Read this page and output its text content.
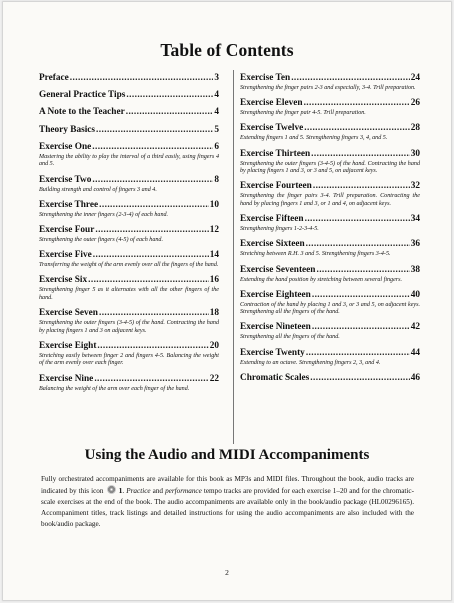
Table of Contents
Preface .....	3
General Practice Tips .....	4
A Note to the Teacher .....	4
Theory Basics .....	5
Exercise One .....	6
Mastering the ability to play the interval of a third easily, using fingers 4 and 5.
Exercise Two .....	8
Building strength and control of fingers 3 and 4.
Exercise Three .....	10
Strengthening the inner fingers (2-3-4) of each hand.
Exercise Four .....	12
Strengthening the outer fingers (4-5) of each hand.
Exercise Five .....	14
Transferring the weight of the arm evenly over all the fingers of the hand.
Exercise Six .....	16
Strengthening finger 5 as it alternates with all the other fingers of the hand.
Exercise Seven .....	18
Strengthening the outer fingers (3-4-5) of the hand. Contracting the hand by placing fingers 1 and 3 on adjacent keys.
Exercise Eight .....	20
Stretching easily between finger 2 and fingers 4-5. Balancing the weight of the arm evenly over each finger.
Exercise Nine .....	22
Balancing the weight of the arm over each finger of the hand.
Exercise Ten .....	24
Strengthening the finger pairs 2-3 and especially, 3-4. Trill preparation.
Exercise Eleven .....	26
Strengthening the finger pair 4-5. Trill preparation.
Exercise Twelve .....	28
Extending fingers 1 and 5. Strengthening fingers 3, 4, and 5.
Exercise Thirteen .....	30
Strengthening the outer fingers (3-4-5) of the hand. Contracting the hand by placing fingers 1 and 3, or 3 and 5, on adjacent keys.
Exercise Fourteen .....	32
Strengthening the finger pairs 3-4. Trill preparation. Contracting the hand by placing fingers 1 and 3, or 1 and 4, on adjacent keys.
Exercise Fifteen .....	34
Strengthening fingers 1-2-3-4-5.
Exercise Sixteen .....	36
Stretching between R.H. 3 and 5. Strengthening fingers 3-4-5.
Exercise Seventeen .....	38
Extending the hand position by stretching between several fingers.
Exercise Eighteen .....	40
Contraction of the hand by placing 1 and 3, or 3 and 5, on adjacent keys. Strengthening all the fingers of the hand.
Exercise Nineteen .....	42
Strengthening all the fingers of the hand.
Exercise Twenty .....	44
Extending to an octave. Strengthening fingers 2, 3, and 4.
Chromatic Scales .....	46
Using the Audio and MIDI Accompaniments
Fully orchestrated accompaniments are available for this book as MP3s and MIDI files. Throughout the book, audio tracks are indicated by this icon 1. Practice and performance tempo tracks are provided for each exercise 1–20 and for the chromatic-scale exercises at the end of the book. The audio accompaniments are available only in the book/audio package (HL00296165). Accompaniment titles, track listings and detailed instructions for using the audio accompaniments are also included with the book/audio package.
2
